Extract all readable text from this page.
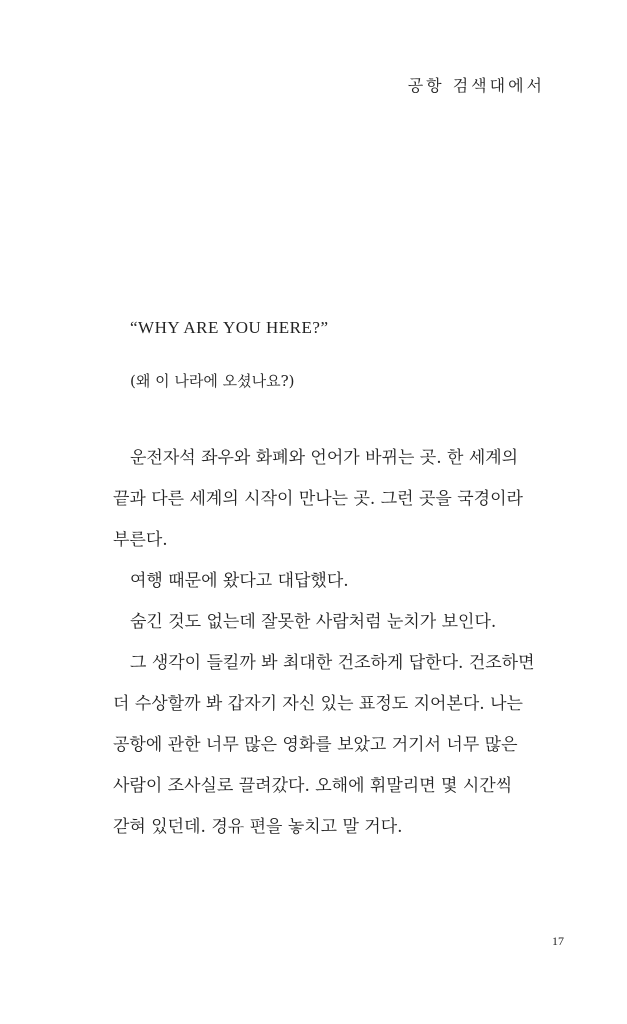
공항 검색대에서
“WHY ARE YOU HERE?”
(왜 이 나라에 오셨나요?)

운전자석 좌우와 화폐와 언어가 바뀌는 곳. 한 세계의
끝과 다른 세계의 시작이 만나는 곳. 그런 곳을 국경이라
부른다.

여행 때문에 왔다고 대답했다.

숨긴 것도 없는데 잘못한 사람처럼 눈치가 보인다.

그 생각이 들킬까 봐 최대한 건조하게 답한다. 건조하면
더 수상할까 봐 갑자기 자신 있는 표정도 지어본다. 나는
공항에 관한 너무 많은 영화를 보았고 거기서 너무 많은
사람이 조사실로 끌려갔다. 오해에 휘말리면 몇 시간씩
갇혀 있던데. 경유 편을 놓치고 말 거다.

17
